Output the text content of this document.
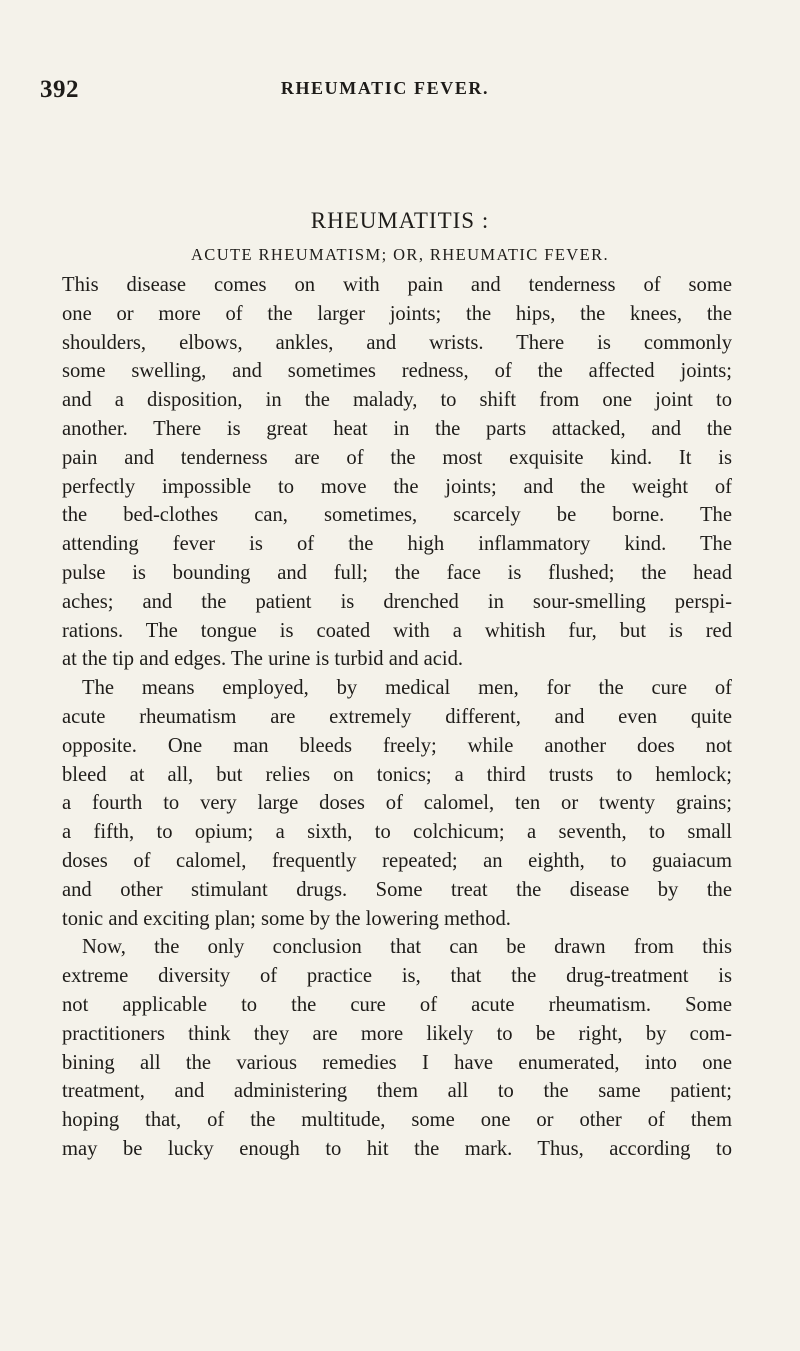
392	RHEUMATIC FEVER.
RHEUMATITIS :
ACUTE RHEUMATISM; OR, RHEUMATIC FEVER.
This disease comes on with pain and tenderness of some
one or more of the larger joints; the hips, the knees, the
shoulders, elbows, ankles, and wrists. There is commonly
some swelling, and sometimes redness, of the affected joints;
and a disposition, in the malady, to shift from one joint to
another. There is great heat in the parts attacked, and the
pain and tenderness are of the most exquisite kind. It is
perfectly impossible to move the joints; and the weight of
the bed-clothes can, sometimes, scarcely be borne. The
attending fever is of the high inflammatory kind. The
pulse is bounding and full; the face is flushed; the head
aches; and the patient is drenched in sour-smelling perspi-
rations. The tongue is coated with a whitish fur, but is red
at the tip and edges. The urine is turbid and acid.
The means employed, by medical men, for the cure of
acute rheumatism are extremely different, and even quite
opposite. One man bleeds freely; while another does not
bleed at all, but relies on tonics; a third trusts to hemlock;
a fourth to very large doses of calomel, ten or twenty grains;
a fifth, to opium; a sixth, to colchicum; a seventh, to small
doses of calomel, frequently repeated; an eighth, to guaiacum
and other stimulant drugs. Some treat the disease by the
tonic and exciting plan; some by the lowering method.
Now, the only conclusion that can be drawn from this
extreme diversity of practice is, that the drug-treatment is
not applicable to the cure of acute rheumatism. Some
practitioners think they are more likely to be right, by com-
bining all the various remedies I have enumerated, into one
treatment, and administering them all to the same patient;
hoping that, of the multitude, some one or other of them
may be lucky enough to hit the mark. Thus, according to
